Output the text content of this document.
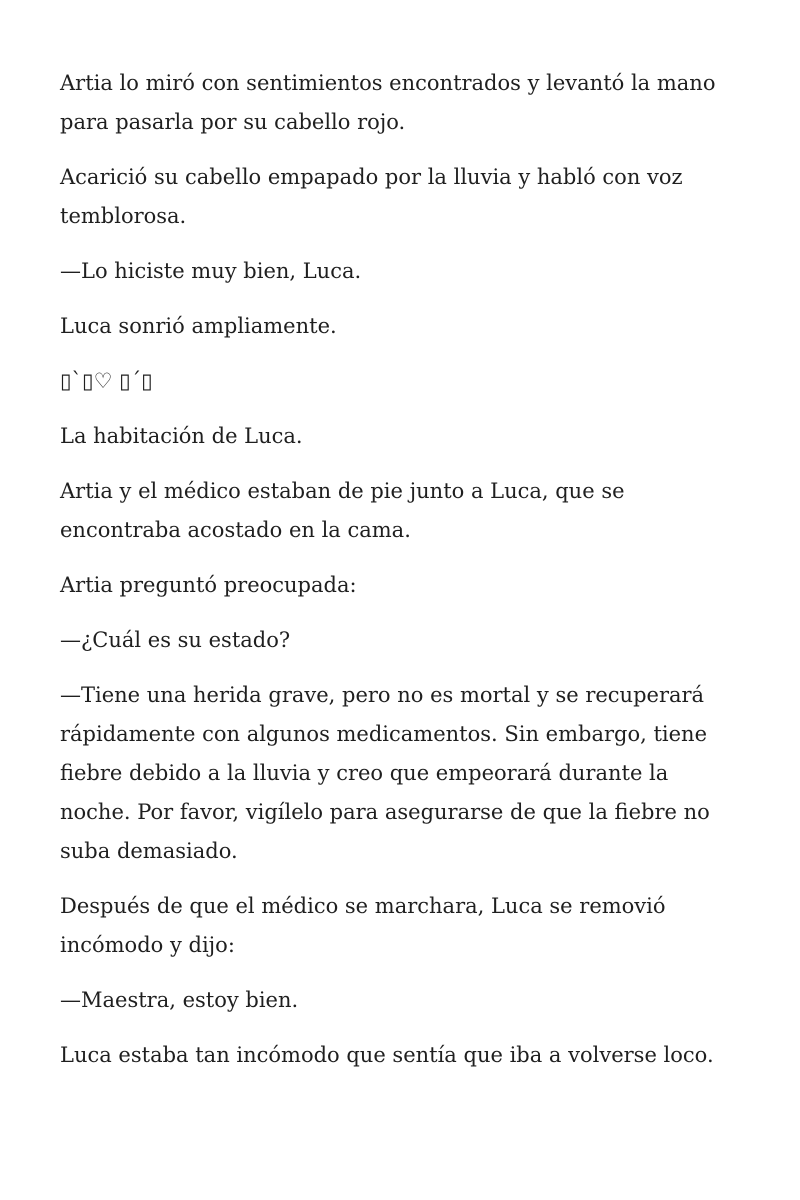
Artia lo miró con sentimientos encontrados y levantó la mano para pasarla por su cabello rojo.

Acarició su cabello empapado por la lluvia y habló con voz temblorosa.

—Lo hiciste muy bien, Luca.

Luca sonrió ampliamente.

▯`▯♡ ▯´▯

La habitación de Luca.

Artia y el médico estaban de pie junto a Luca, que se encontraba acostado en la cama.

Artia preguntó preocupada:

—¿Cuál es su estado?

—Tiene una herida grave, pero no es mortal y se recuperará rápidamente con algunos medicamentos. Sin embargo, tiene fiebre debido a la lluvia y creo que empeorará durante la noche. Por favor, vigílelo para asegurarse de que la fiebre no suba demasiado.

Después de que el médico se marchara, Luca se removió incómodo y dijo:

—Maestra, estoy bien.

Luca estaba tan incómodo que sentía que iba a volverse loco.
